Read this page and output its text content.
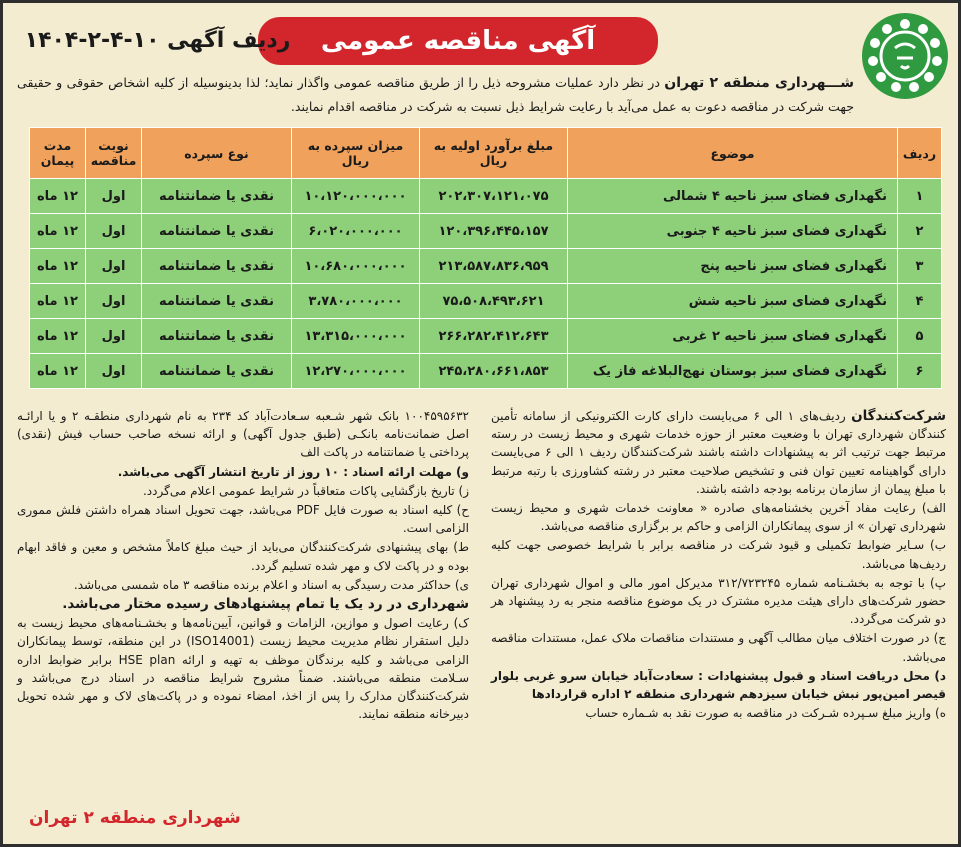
آگهی مناقصه عمومی
ردیف آگهی ۱۰-۴-۲-۱۴۰۴
شـــهرداری منطقه ۲ تهران در نظر دارد عملیات مشروحه ذیل را از طریق مناقصه عمومی واگذار نماید؛ لذا بدینوسیله از کلیه اشخاص حقوقی و حقیقی جهت شرکت در مناقصه دعوت به عمل می‌آید با رعایت شرایط ذیل نسبت به شرکت در مناقصه اقدام نمایند.
ردیف	موضوع	مبلغ برآورد اولیه به ریال	میزان سپرده به ریال	نوع سپرده	نوبت مناقصه	مدت پیمان
۱	نگهداری فضای سبز ناحیه ۴ شمالی	۲۰۲،۳۰۷،۱۲۱،۰۷۵	۱۰،۱۲۰،۰۰۰،۰۰۰	نقدی یا ضمانتنامه	اول	۱۲ ماه
۲	نگهداری فضای سبز ناحیه ۴ جنوبی	۱۲۰،۳۹۶،۴۴۵،۱۵۷	۶،۰۲۰،۰۰۰،۰۰۰	نقدی یا ضمانتنامه	اول	۱۲ ماه
۳	نگهداری فضای سبز ناحیه پنج	۲۱۳،۵۸۷،۸۳۶،۹۵۹	۱۰،۶۸۰،۰۰۰،۰۰۰	نقدی یا ضمانتنامه	اول	۱۲ ماه
۴	نگهداری فضای سبز ناحیه شش	۷۵،۵۰۸،۴۹۳،۶۲۱	۳،۷۸۰،۰۰۰،۰۰۰	نقدی یا ضمانتنامه	اول	۱۲ ماه
۵	نگهداری فضای سبز ناحیه ۲ غربی	۲۶۶،۲۸۲،۴۱۲،۶۴۳	۱۳،۳۱۵،۰۰۰،۰۰۰	نقدی یا ضمانتنامه	اول	۱۲ ماه
۶	نگهداری فضای سبز بوستان نهج‌البلاغه فاز یک	۲۴۵،۲۸۰،۶۶۱،۸۵۳	۱۲،۲۷۰،۰۰۰،۰۰۰	نقدی یا ضمانتنامه	اول	۱۲ ماه

شرکت‌کنندگان ردیف‌های ۱ الی ۶ می‌بایست دارای کارت الکترونیکی از سامانه تأمین کنندگان شهرداری تهران با وضعیت معتبر از حوزه خدمات شهری و محیط زیست در رسته مرتبط جهت ترتیب اثر به پیشنهادات داشته باشند شرکت‌کنندگان ردیف ۱ الی ۶ می‌بایست دارای گواهینامه تعیین توان فنی و تشخیص صلاحیت معتبر در رشته کشاورزی با رتبه مرتبط با مبلغ پیمان از سازمان برنامه بودجه داشته باشند.

الف) رعایت مفاد آخرین بخشنامه‌های صادره « معاونت خدمات شهری و محیط زیست شهرداری تهران » از سوی پیمانکاران الزامی و حاکم بر برگزاری مناقصه می‌باشد.

ب) سـایر ضوابط تکمیلی و قیود شرکت در مناقصه برابر با شرایط خصوصی جهت کلیه ردیف‌ها می‌باشد.

پ) با توجه به بخشـنامه شماره ۳۱۲/۷۲۳۲۴۵ مدیرکل امور مالی و اموال شهرداری تهران حضور شرکت‌های دارای هیئت مدیره مشترک در یک موضوع مناقصه منجر به رد پیشنهاد هر دو شرکت می‌گردد.

ج) در صورت اختلاف میان مطالب آگهی و مستندات مناقصات ملاک عمل، مستندات مناقصه می‌باشد.

د) محل دریافت اسناد و قبول پیشنهادات : سعادت‌آباد خیابان سرو غربی بلوار قیصر امین‌پور نبش خیابان سیزدهم شهرداری منطقه ۲ اداره قراردادها

ه) واریز مبلغ سـپرده شـرکت در مناقصه به صورت نقد به شـماره حساب

۱۰۰۴۵۹۵۶۳۲ بانک شهر شـعبه سـعادت‌آباد کد ۲۳۴ به نام شهرداری منطقـه ۲ و یا ارائـه اصل ضمانت‌نامه بانکـی (طبق جدول آگهی) و ارائه نسخه صاحب حساب فیش (نقدی) پرداختی یا ضمانتنامه در پاکت الف

و) مهلت ارائه اسناد : ۱۰ روز از تاریخ انتشار آگهی می‌باشد.

ز) تاریخ بازگشایی پاکات متعاقباً در شرایط عمومی اعلام می‌گردد.

ح) کلیه اسناد به صورت فایل PDF می‌باشد، جهت تحویل اسناد همراه داشتن فلش مموری الزامی است.

ط) بهای پیشنهادی شرکت‌کنندگان می‌باید از حیث مبلغ کاملاً مشخص و معین و فاقد ابهام بوده و در پاکت لاک و مهر شده تسلیم گردد.

ی) حداکثر مدت رسیدگی به اسناد و اعلام برنده مناقصه ۳ ماه شمسی می‌باشد.

شهرداری در رد یک یا تمام پیشنهادهای رسیده مختار می‌باشد.

ک) رعایت اصول و موازین، الزامات و قوانین، آیین‌نامه‌ها و بخشـنامه‌های محیط زیست به دلیل استقرار نظام مدیریت محیط زیست (ISO14001) در این منطقه، توسط پیمانکاران الزامی می‌باشد و کلیه برندگان موظف به تهیه و ارائه HSE plan برابر ضوابط اداره سـلامت منطقه می‌باشند. ضمناً مشروح شرایط مناقصه در اسناد درج می‌باشد و شرکت‌کنندگان مدارک را پس از اخذ، امضاء نموده و در پاکت‌های لاک و مهر شده تحویل دبیرخانه منطقه نمایند.

شهرداری منطقه ۲ تهران
